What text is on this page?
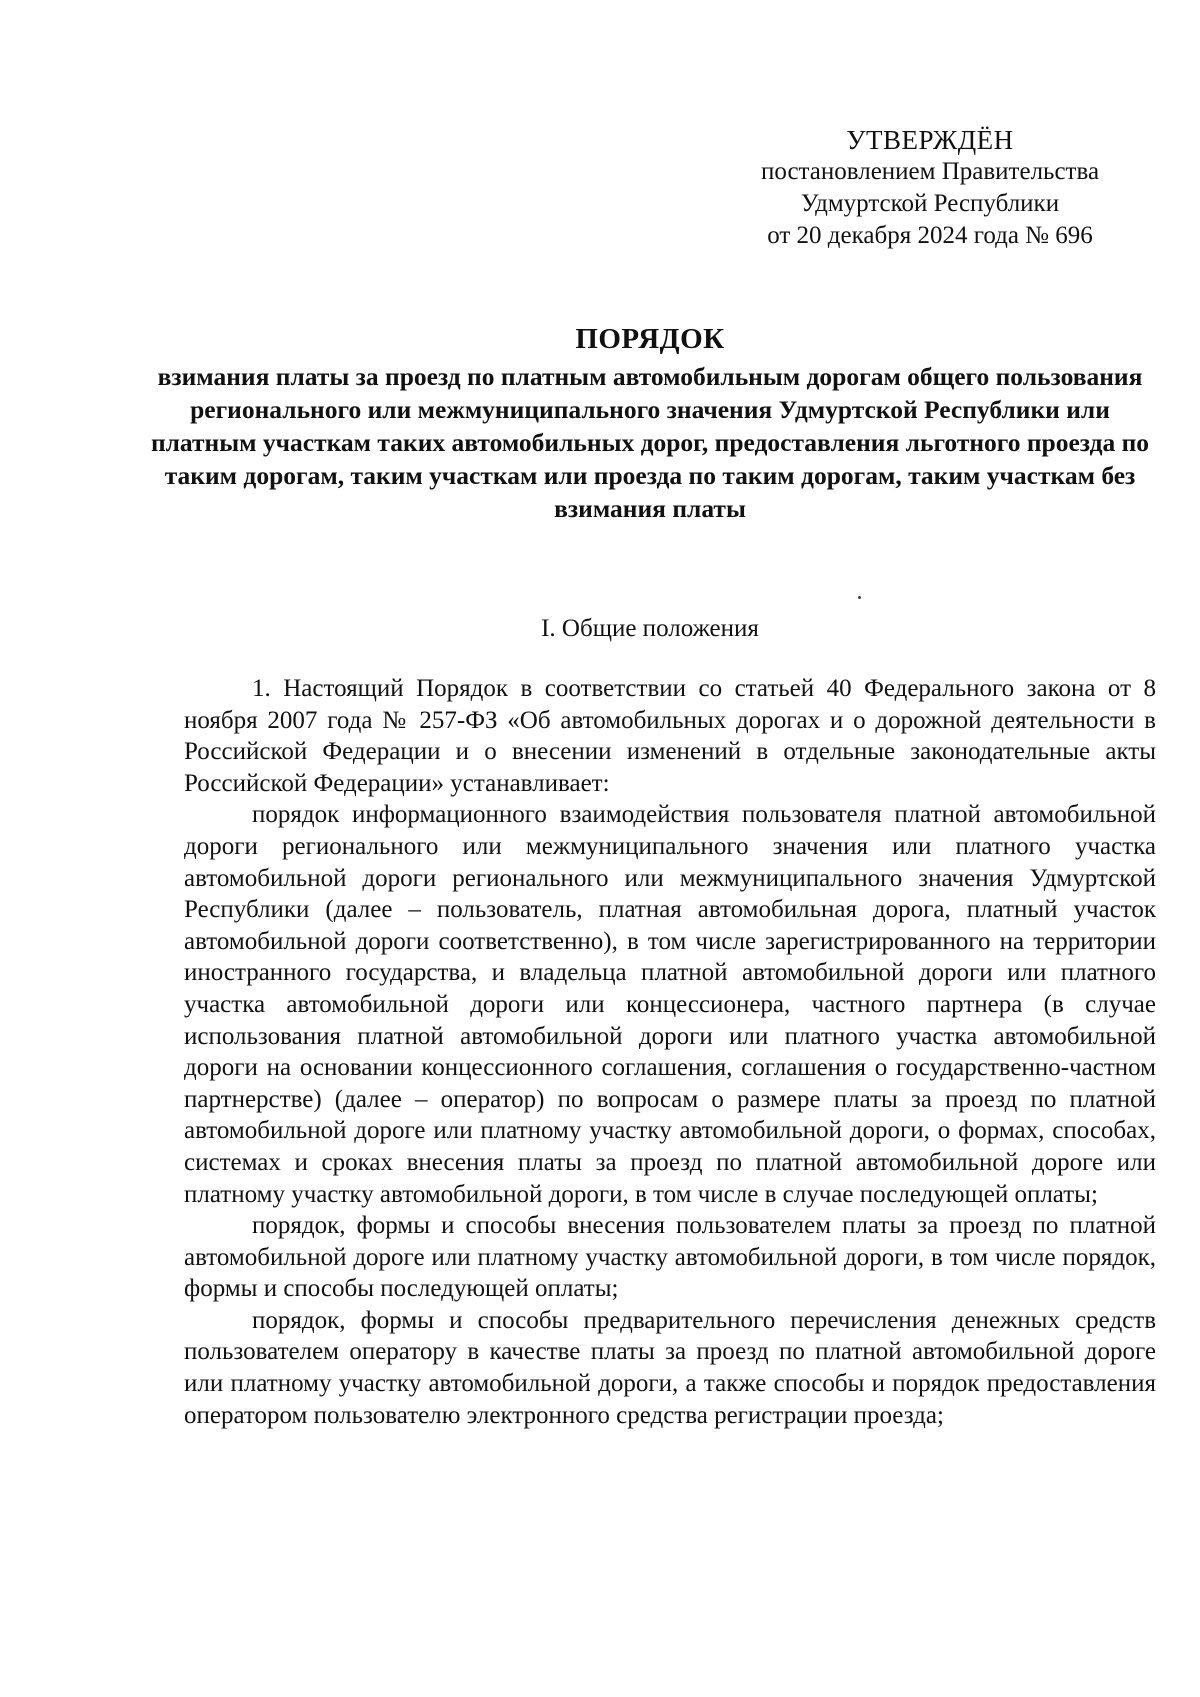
УТВЕРЖДЁН
постановлением Правительства
Удмуртской Республики
от 20 декабря 2024 года № 696
ПОРЯДОК
взимания платы за проезд по платным автомобильным дорогам общего пользования регионального или межмуниципального значения Удмуртской Республики или платным участкам таких автомобильных дорог, предоставления льготного проезда по таким дорогам, таким участкам или проезда по таким дорогам, таким участкам без взимания платы
I. Общие положения

1. Настоящий Порядок в соответствии со статьей 40 Федерального закона от 8 ноября 2007 года № 257-ФЗ «Об автомобильных дорогах и о дорожной деятельности в Российской Федерации и о внесении изменений в отдельные законодательные акты Российской Федерации» устанавливает:

порядок информационного взаимодействия пользователя платной автомобильной дороги регионального или межмуниципального значения или платного участка автомобильной дороги регионального или межмуниципального значения Удмуртской Республики (далее – пользователь, платная автомобильная дорога, платный участок автомобильной дороги соответственно), в том числе зарегистрированного на территории иностранного государства, и владельца платной автомобильной дороги или платного участка автомобильной дороги или концессионера, частного партнера (в случае использования платной автомобильной дороги или платного участка автомобильной дороги на основании концессионного соглашения, соглашения о государственно-частном партнерстве) (далее – оператор) по вопросам о размере платы за проезд по платной автомобильной дороге или платному участку автомобильной дороги, о формах, способах, системах и сроках внесения платы за проезд по платной автомобильной дороге или платному участку автомобильной дороги, в том числе в случае последующей оплаты;

порядок, формы и способы внесения пользователем платы за проезд по платной автомобильной дороге или платному участку автомобильной дороги, в том числе порядок, формы и способы последующей оплаты;

порядок, формы и способы предварительного перечисления денежных средств пользователем оператору в качестве платы за проезд по платной автомобильной дороге или платному участку автомобильной дороги, а также способы и порядок предоставления оператором пользователю электронного средства регистрации проезда;
